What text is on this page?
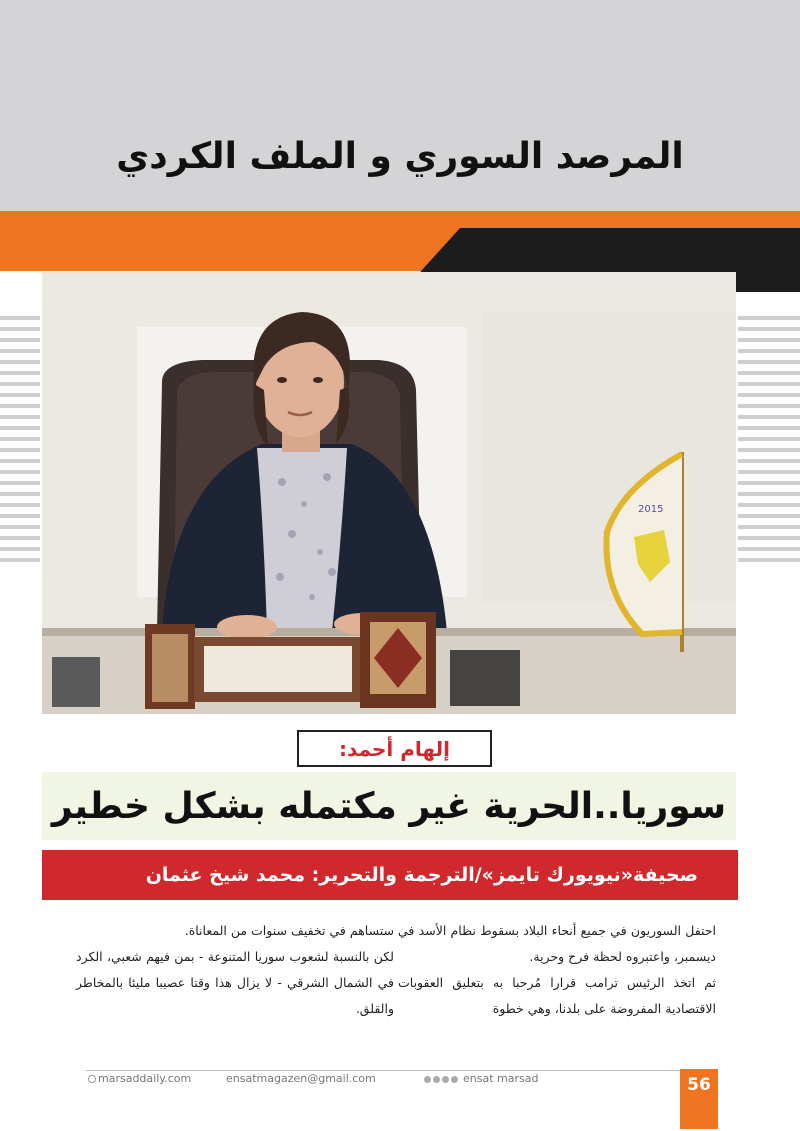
المرصد السوري و الملف الكردي
2015
إلهام أحمد:
سوريا..الحرية غير مكتمله بشكل خطير
صحيفة«نيويورك تايمز»/الترجمة والتحرير: محمد شيخ عثمان

احتفل السوريون في جميع أنحاء البلاد بسقوط نظام الأسد في ديسمبر، واعتبروه لحظة فرح وحرية.

ثم اتخذ الرئيس ترامب قرارا مُرحبا به بتعليق العقوبات الاقتصادية المفروضة على بلدنا، وهي خطوة

ستساهم في تخفيف سنوات من المعاناة.

لكن بالنسبة لشعوب سوريا المتنوعة - بمن فيهم شعبي، الكرد في الشمال الشرقي - لا يزال هذا وقتا عصيبا مليئا بالمخاطر والقلق.

marsaddaily.com	ensatmagazen@gmail.com	ensat marsad	56
